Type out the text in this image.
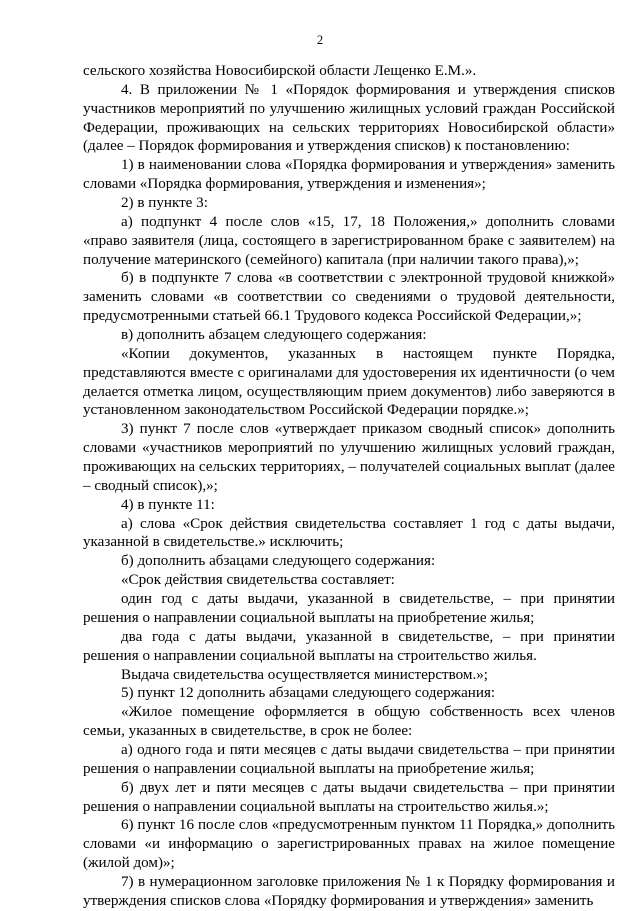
2

сельского хозяйства Новосибирской области Лещенко Е.М.».

4. В приложении № 1 «Порядок формирования и утверждения списков участников мероприятий по улучшению жилищных условий граждан Российской Федерации, проживающих на сельских территориях Новосибирской области» (далее – Порядок формирования и утверждения списков) к постановлению:

1) в наименовании слова «Порядка формирования и утверждения» заменить словами «Порядка формирования, утверждения и изменения»;

2) в пункте 3:

а) подпункт 4 после слов «15, 17, 18 Положения,» дополнить словами «право заявителя (лица, состоящего в зарегистрированном браке с заявителем) на получение материнского (семейного) капитала (при наличии такого права),»;

б) в подпункте 7 слова «в соответствии с электронной трудовой книжкой» заменить словами «в соответствии со сведениями о трудовой деятельности, предусмотренными статьей 66.1 Трудового кодекса Российской Федерации,»;

в) дополнить абзацем следующего содержания:

«Копии документов, указанных в настоящем пункте Порядка, представляются вместе с оригиналами для удостоверения их идентичности (о чем делается отметка лицом, осуществляющим прием документов) либо заверяются в установленном законодательством Российской Федерации порядке.»;

3) пункт 7 после слов «утверждает приказом сводный список» дополнить словами «участников мероприятий по улучшению жилищных условий граждан, проживающих на сельских территориях, – получателей социальных выплат (далее – сводный список),»;

4) в пункте 11:

а) слова «Срок действия свидетельства составляет 1 год с даты выдачи, указанной в свидетельстве.» исключить;

б) дополнить абзацами следующего содержания:

«Срок действия свидетельства составляет:

один год с даты выдачи, указанной в свидетельстве, – при принятии решения о направлении социальной выплаты на приобретение жилья;

два года с даты выдачи, указанной в свидетельстве, – при принятии решения о направлении социальной выплаты на строительство жилья.

Выдача свидетельства осуществляется министерством.»;

5) пункт 12 дополнить абзацами следующего содержания:

«Жилое помещение оформляется в общую собственность всех членов семьи, указанных в свидетельстве, в срок не более:

а) одного года и пяти месяцев с даты выдачи свидетельства – при принятии решения о направлении социальной выплаты на приобретение жилья;

б) двух лет и пяти месяцев с даты выдачи свидетельства – при принятии решения о направлении социальной выплаты на строительство жилья.»;

6) пункт 16 после слов «предусмотренным пунктом 11 Порядка,» дополнить словами «и информацию о зарегистрированных правах на жилое помещение (жилой дом)»;

7) в нумерационном заголовке приложения № 1 к Порядку формирования и утверждения списков слова «Порядку формирования и утверждения» заменить
